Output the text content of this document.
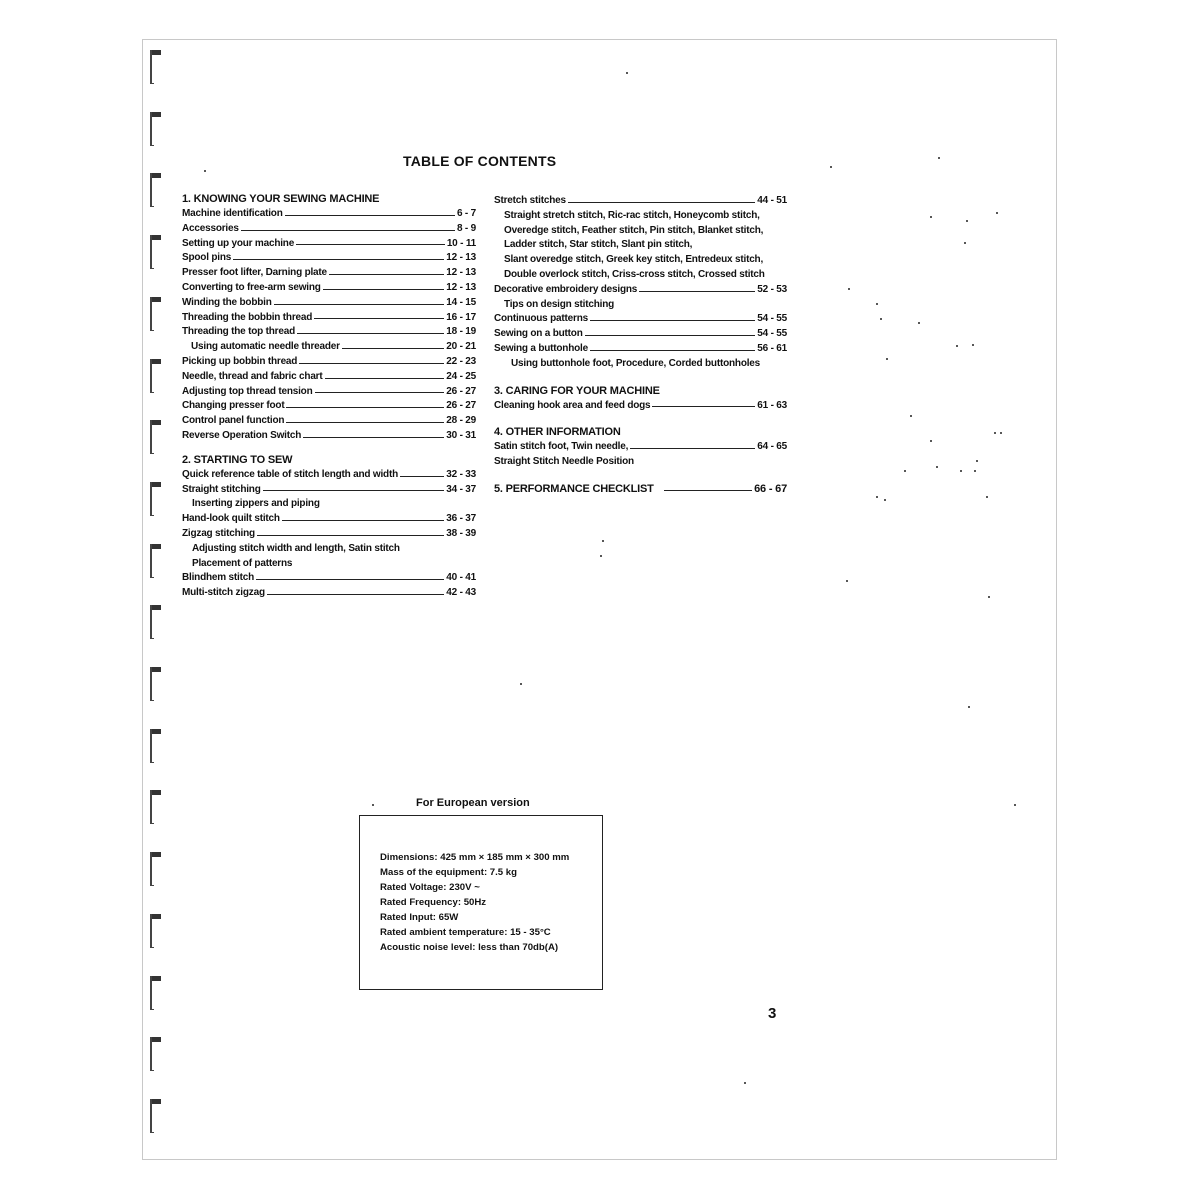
TABLE OF CONTENTS
1. KNOWING YOUR SEWING MACHINE
Machine identification	6 - 7
Accessories	8 - 9
Setting up your machine	10 - 11
Spool pins	12 - 13
Presser foot lifter, Darning plate	12 - 13
Converting to free-arm sewing	12 - 13
Winding the bobbin	14 - 15
Threading the bobbin thread	16 - 17
Threading the top thread	18 - 19
Using automatic needle threader	20 - 21
Picking up bobbin thread	22 - 23
Needle, thread and fabric chart	24 - 25
Adjusting top thread tension	26 - 27
Changing presser foot	26 - 27
Control panel function	28 - 29
Reverse Operation Switch	30 - 31
2. STARTING TO SEW
Quick reference table of stitch length and width	32 - 33
Straight stitching	34 - 37
Inserting zippers and piping
Hand-look quilt stitch	36 - 37
Zigzag stitching	38 - 39
Adjusting stitch width and length, Satin stitch
Placement of patterns
Blindhem stitch	40 - 41
Multi-stitch zigzag	42 - 43
Stretch stitches	44 - 51
Straight stretch stitch, Ric-rac stitch, Honeycomb stitch,
Overedge stitch, Feather stitch, Pin stitch, Blanket stitch,
Ladder stitch, Star stitch, Slant pin stitch,
Slant overedge stitch, Greek key stitch, Entredeux stitch,
Double overlock stitch, Criss-cross stitch, Crossed stitch
Decorative embroidery designs	52 - 53
Tips on design stitching
Continuous patterns	54 - 55
Sewing on a button	54 - 55
Sewing a buttonhole	56 - 61
Using buttonhole foot, Procedure, Corded buttonholes
3. CARING FOR YOUR MACHINE
Cleaning hook area and feed dogs	61 - 63
4. OTHER INFORMATION
Satin stitch foot, Twin needle,	64 - 65
Straight Stitch Needle Position
5. PERFORMANCE CHECKLIST	66 - 67
For European version
Dimensions: 425 mm × 185 mm × 300 mm
Mass of the equipment: 7.5 kg
Rated Voltage: 230V ~
Rated Frequency: 50Hz
Rated Input: 65W
Rated ambient temperature: 15 - 35°C
Acoustic noise level: less than 70db(A)
3
